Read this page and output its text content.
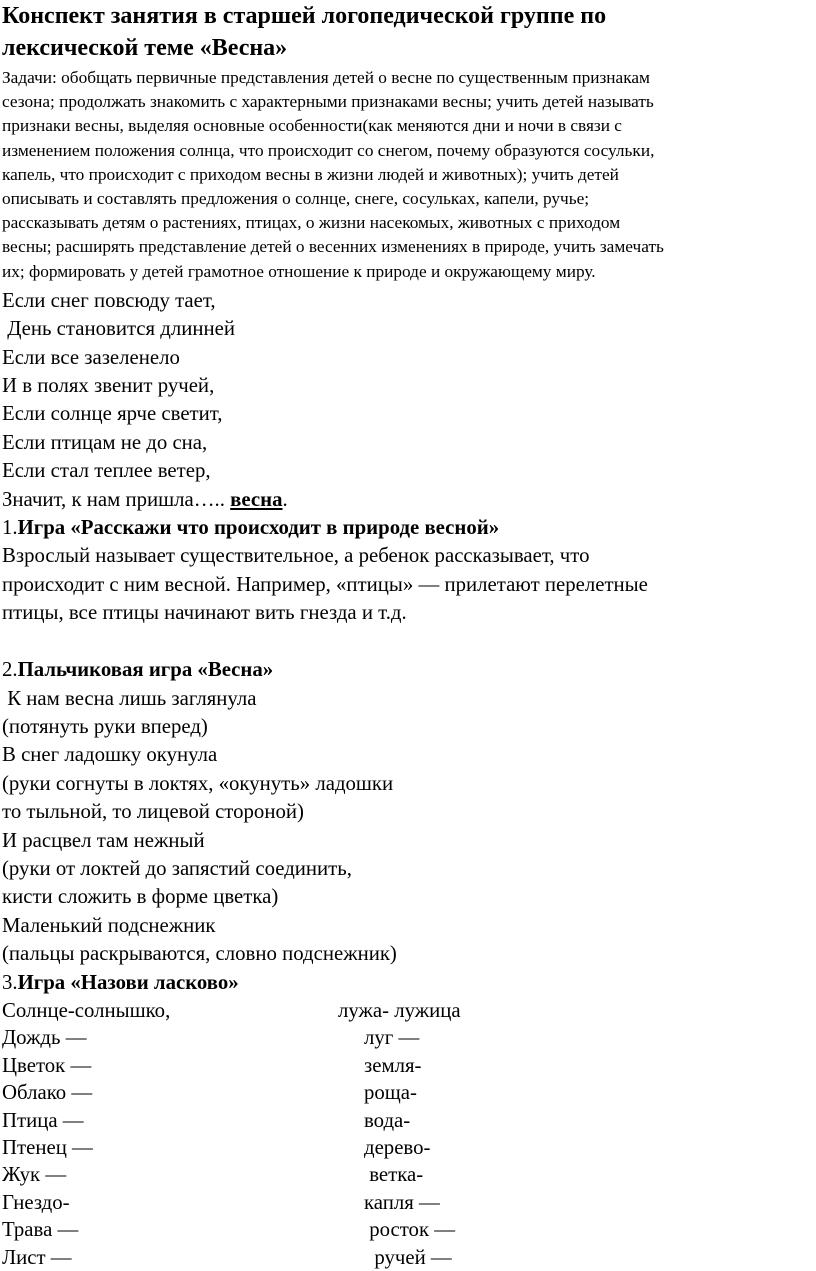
Конспект занятия в старшей логопедической группе по
лексической теме «Весна»
Задачи: обобщать первичные представления детей о весне по существенным признакам
сезона; продолжать знакомить с характерными признаками весны; учить детей называть
признаки весны, выделяя основные особенности(как меняются дни и ночи в связи с
изменением положения солнца, что происходит со снегом, почему образуются сосульки,
капель, что происходит с приходом весны в жизни людей и животных); учить детей
описывать и составлять предложения о солнце, снеге, сосульках, капели, ручье;
рассказывать детям о растениях, птицах, о жизни насекомых, животных с приходом
весны; расширять представление детей о весенних изменениях в природе, учить замечать
их; формировать у детей грамотное отношение к природе и окружающему миру.
Если снег повсюду тает,
День становится длинней
Если все зазеленело
И в полях звенит ручей,
Если солнце ярче светит,
Если птицам не до сна,
Если стал теплее ветер,
Значит, к нам пришла….. весна.
1.Игра «Расскажи что происходит в природе весной»
Взрослый называет существительное, а ребенок рассказывает, что
происходит с ним весной. Например, «птицы» — прилетают перелетные
птицы, все птицы начинают вить гнезда и т.д.
2.Пальчиковая игра «Весна»
К нам весна лишь заглянула
(потянуть руки вперед)
В снег ладошку окунула
(руки согнуты в локтях, «окунуть» ладошки
то тыльной, то лицевой стороной)
И расцвел там нежный
(руки от локтей до запястий соединить,
кисти сложить в форме цветка)
Маленький подснежник
(пальцы раскрываются, словно подснежник)
3.Игра «Назови ласково»
Солнце-солнышко,	лужа- лужица
Дождь —	луг —
Цветок —	земля-
Облако —	роща-
Птица —	вода-
Птенец —	дерево-
Жук —	ветка-
Гнездо-	капля —
Трава —	росток —
Лист —	ручей —
